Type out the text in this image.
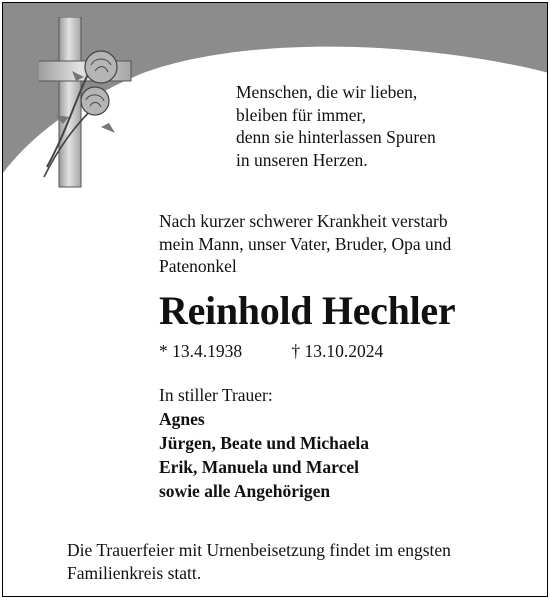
Menschen, die wir lieben,
bleiben für immer,
denn sie hinterlassen Spuren
in unseren Herzen.
Nach kurzer schwerer Krankheit verstarb
mein Mann, unser Vater, Bruder, Opa und
Patenonkel
Reinhold Hechler
* 13.4.1938	† 13.10.2024
In stiller Trauer:
Agnes
Jürgen, Beate und Michaela
Erik, Manuela und Marcel
sowie alle Angehörigen
Die Trauerfeier mit Urnenbeisetzung findet im engsten
Familienkreis statt.
